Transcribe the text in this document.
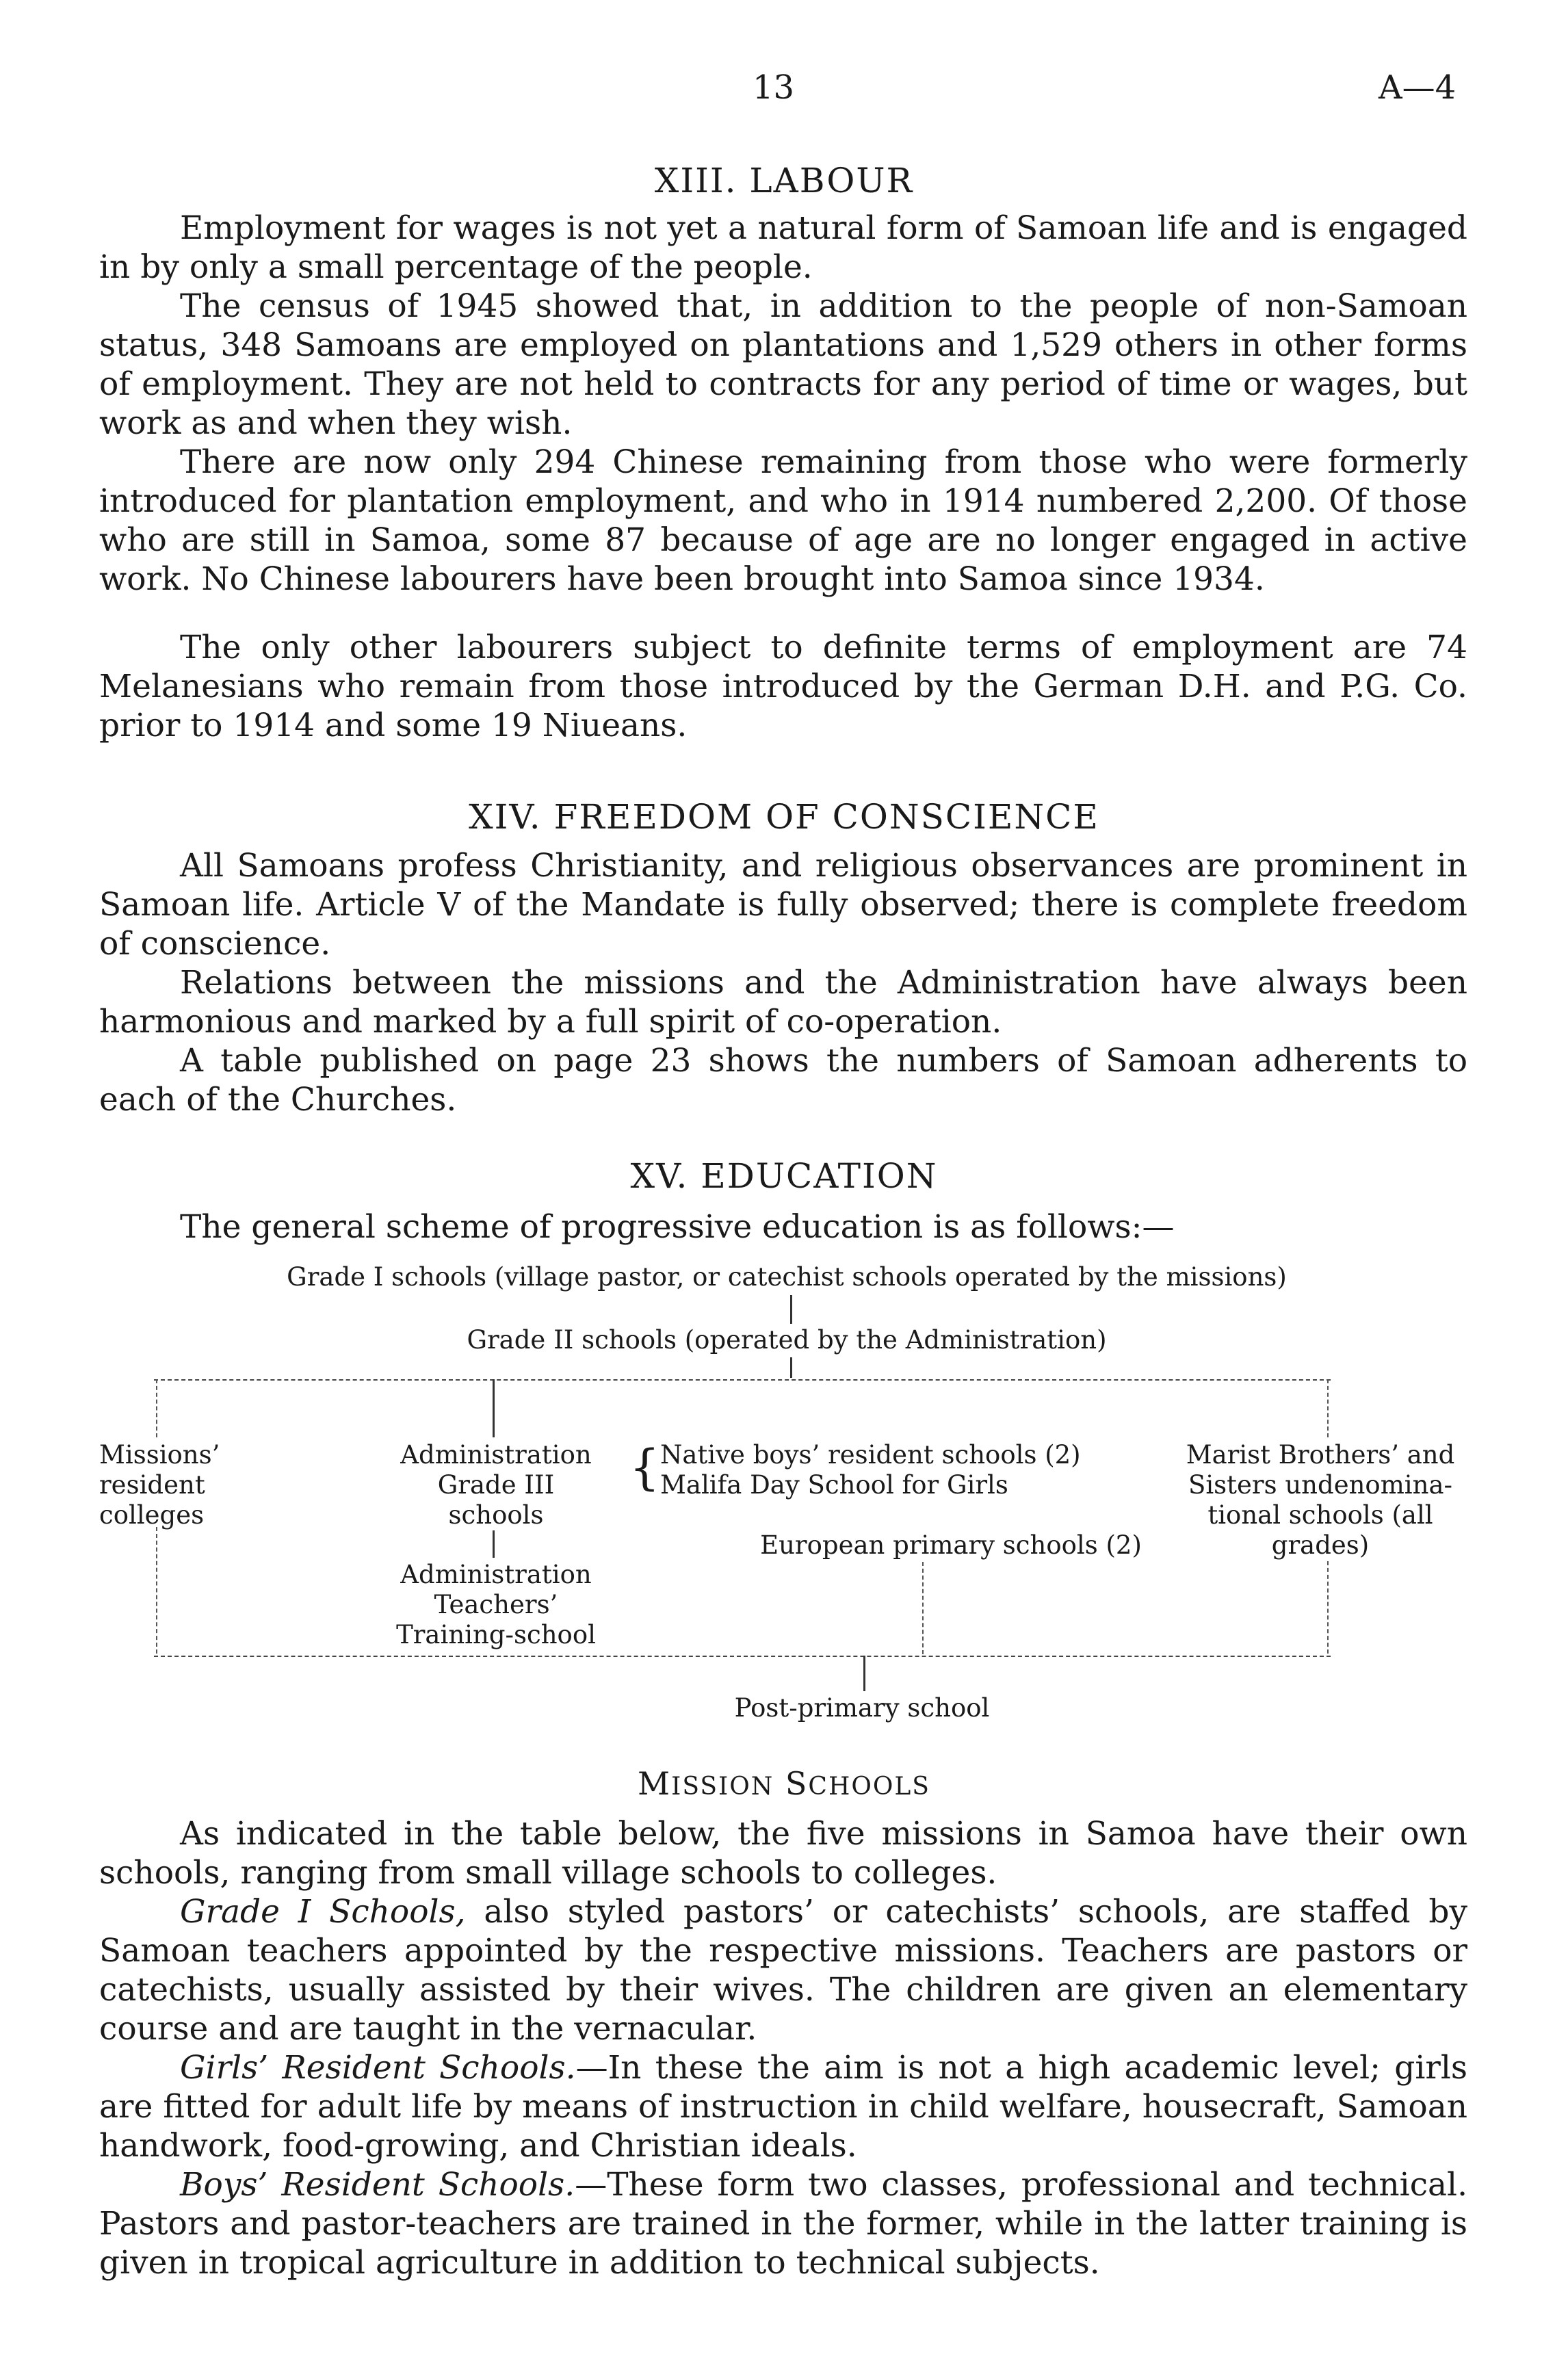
13	A—4
XIII. LABOUR
Employment for wages is not yet a natural form of Samoan life and is engaged in by only a small percentage of the people.
The census of 1945 showed that, in addition to the people of non-Samoan status, 348 Samoans are employed on plantations and 1,529 others in other forms of employment. They are not held to contracts for any period of time or wages, but work as and when they wish.
There are now only 294 Chinese remaining from those who were formerly introduced for plantation employment, and who in 1914 numbered 2,200. Of those who are still in Samoa, some 87 because of age are no longer engaged in active work. No Chinese labourers have been brought into Samoa since 1934.
The only other labourers subject to definite terms of employment are 74 Melanesians who remain from those introduced by the German D.H. and P.G. Co. prior to 1914 and some 19 Niueans.
XIV. FREEDOM OF CONSCIENCE
All Samoans profess Christianity, and religious observances are prominent in Samoan life. Article V of the Mandate is fully observed; there is complete freedom of conscience.
Relations between the missions and the Administration have always been harmonious and marked by a full spirit of co-operation.
A table published on page 23 shows the numbers of Samoan adherents to each of the Churches.
XV. EDUCATION
The general scheme of progressive education is as follows:—
Grade I schools (village pastor, or catechist schools operated by the missions)
Grade II schools (operated by the Administration)
Missions’
resident
colleges
Administration
Grade III
schools
{ Native boys’ resident schools (2)
Malifa Day School for Girls
Marist Brothers’ and
Sisters undenomina-
tional schools (all
grades)
European primary schools (2)
Administration
Teachers’
Training-school
Post-primary school
MISSION SCHOOLS
As indicated in the table below, the five missions in Samoa have their own schools, ranging from small village schools to colleges.
Grade I Schools, also styled pastors’ or catechists’ schools, are staffed by Samoan teachers appointed by the respective missions. Teachers are pastors or catechists, usually assisted by their wives. The children are given an elementary course and are taught in the vernacular.
Girls’ Resident Schools.—In these the aim is not a high academic level; girls are fitted for adult life by means of instruction in child welfare, housecraft, Samoan handwork, food-growing, and Christian ideals.
Boys’ Resident Schools.—These form two classes, professional and technical. Pastors and pastor-teachers are trained in the former, while in the latter training is given in tropical agriculture in addition to technical subjects.
